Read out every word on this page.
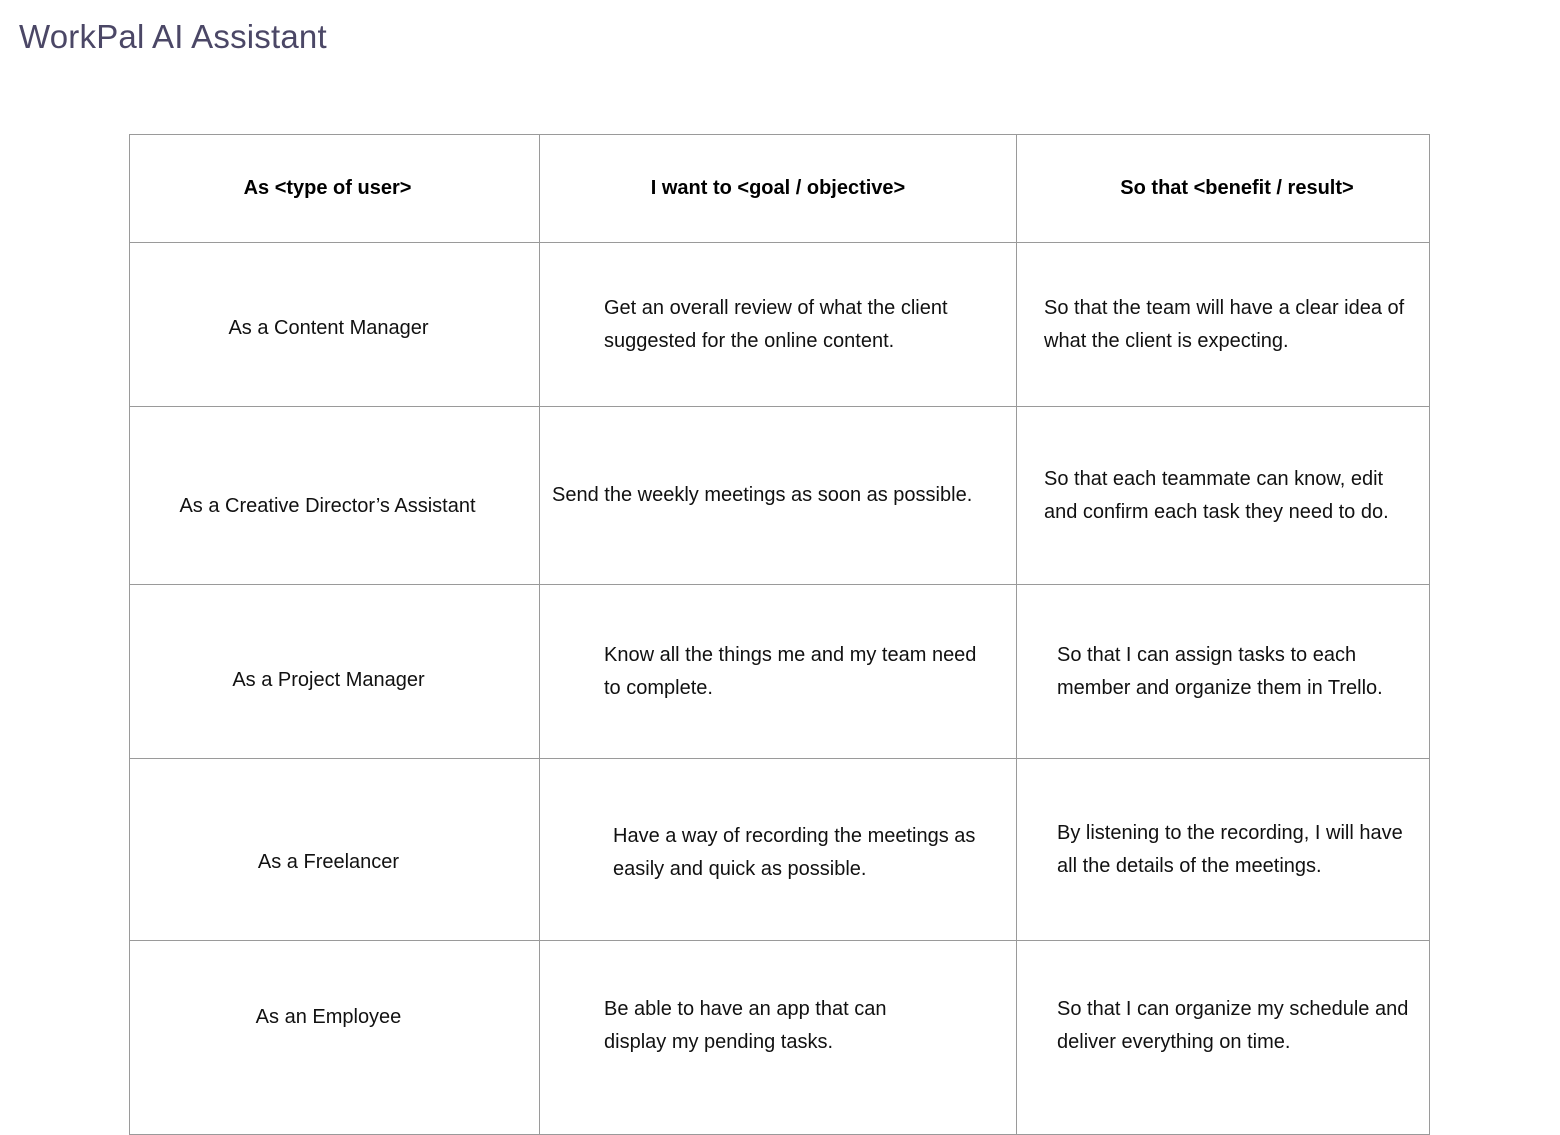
WorkPal AI Assistant
As <type of user>	I want to <goal / objective>	So that <benefit / result>
As a Content Manager	Get an overall review of what the client suggested for the online content.	So that the team will have a clear idea of what the client is expecting.
As a Creative Director’s Assistant	Send the weekly meetings as soon as possible.	So that each teammate can know, edit and confirm each task they need to do.
As a Project Manager	Know all the things me and my team need to complete.	So that I can assign tasks to each member and organize them in Trello.
As a Freelancer	Have a way of recording the meetings as easily and quick as possible.	By listening to the recording, I will have all the details of the meetings.
As an Employee	Be able to have an app that can display my pending tasks.	So that I can organize my schedule and deliver everything on time.
